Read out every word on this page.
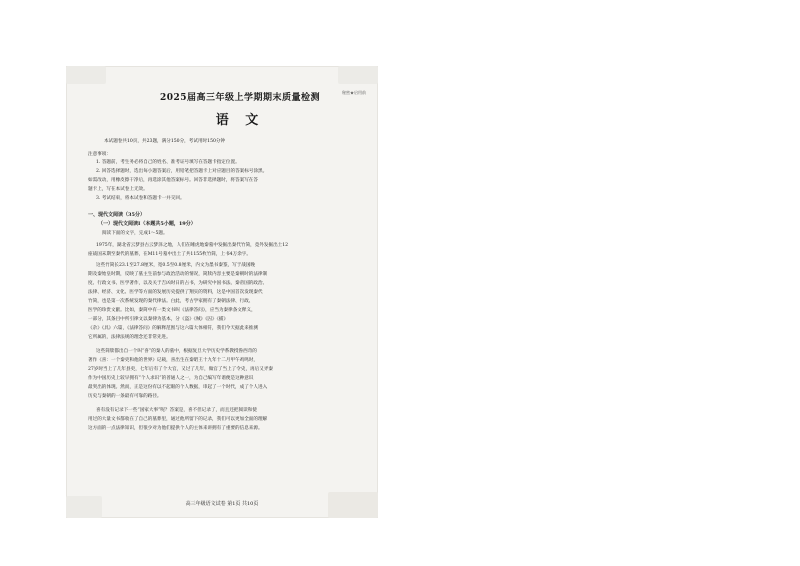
秘密★启用前
2025届高三年级上学期期末质量检测
语 文
本试题卷共10页，共23题，满分150分，考试用时150分钟
注意事项：
1. 答题前，考生务必将自己的姓名、准考证号填写在答题卡指定位置。
2. 回答选择题时，选出每小题答案后，用铅笔把答题卡上对应题目的答案标号涂黑。
如需改动，用橡皮擦干净后，再选涂其他答案标号。回答非选择题时，将答案写在答
题卡上，写在本试卷上无效。
3. 考试结束，将本试卷和答题卡一并交回。
一、现代文阅读（35分）
（一）现代文阅读Ⅰ（本题共5小题，19分）
阅读下面的文字，完成1～5题。
1975年，湖北省云梦县古云梦泽之地，人们在睡虎地秦墓中发掘出秦代竹简，竟外发掘出土12
座战国末期至秦代的墓葬，在M11号墓中出土了共1155枚竹简，上书4万余字。
这些竹简长23.1至27.8厘米，宽0.5至0.8厘米，内文为墨书秦篆，写于战国晚
期及秦始皇时期，反映了墓主生前参与政治活动的情况，简牍内容主要是秦朝时的法律制
度、行政文书、医学著作，以及关于吉凶时日的占书，为研究中国书法、秦帝国的政治、
法律、经济、文化、医学等方面的发展历史提供了翔实的资料，这是中国首次发现秦代
竹简，也是第一次系统发现的秦代律法。白此，考古学家拥有了秦朝法律、行政、
医学的珍贵文献。比如，秦简中有一类文书叫《法律答问》，应当为秦律条文释义，
一部分，其条目中所引律文以秦律为基本，分《盗》《贼》《囚》《捕》
《杂》《具》六篇，《法律答问》的解释范围与这六篇大体相符，我们今天据此来推测
它所属的，法律法规的理念还非常先进。
这些简牍都出自一个叫“喜”的秦人的墓中，根据复旦大学历史学系教授鲁西奇的
著作《喜：一个秦吏和他的世界》记载，喜出生在秦昭王十九年十二月甲午鸡鸣时，
27岁时当上了几年县吏，七年后有了个大官，又过了几年，做官了当上了令史，再后又弄秦
作为中国历史上较早拥有“个人求识”的普通人之一，为自己编写年谱便是这种意识
最突出的体现。然而，正是这份有以不起眼的个人数据，串起了一个时代，成了个人进入
历史与秦朝的一条最有可靠的路径。
喜有没有记录下一些“国家大事”呢？答案是，喜不但记录了，而且还把阅读和使
用过的大量文书都收在了自己的墓葬里，通过他所留下的记录，我们可以更加全面的理解
这方面的一点法律知识，但很少对为他们提供个人的主体来讲拥有了重要的信息来源。
高三年级语文试卷 第1页 共10页
